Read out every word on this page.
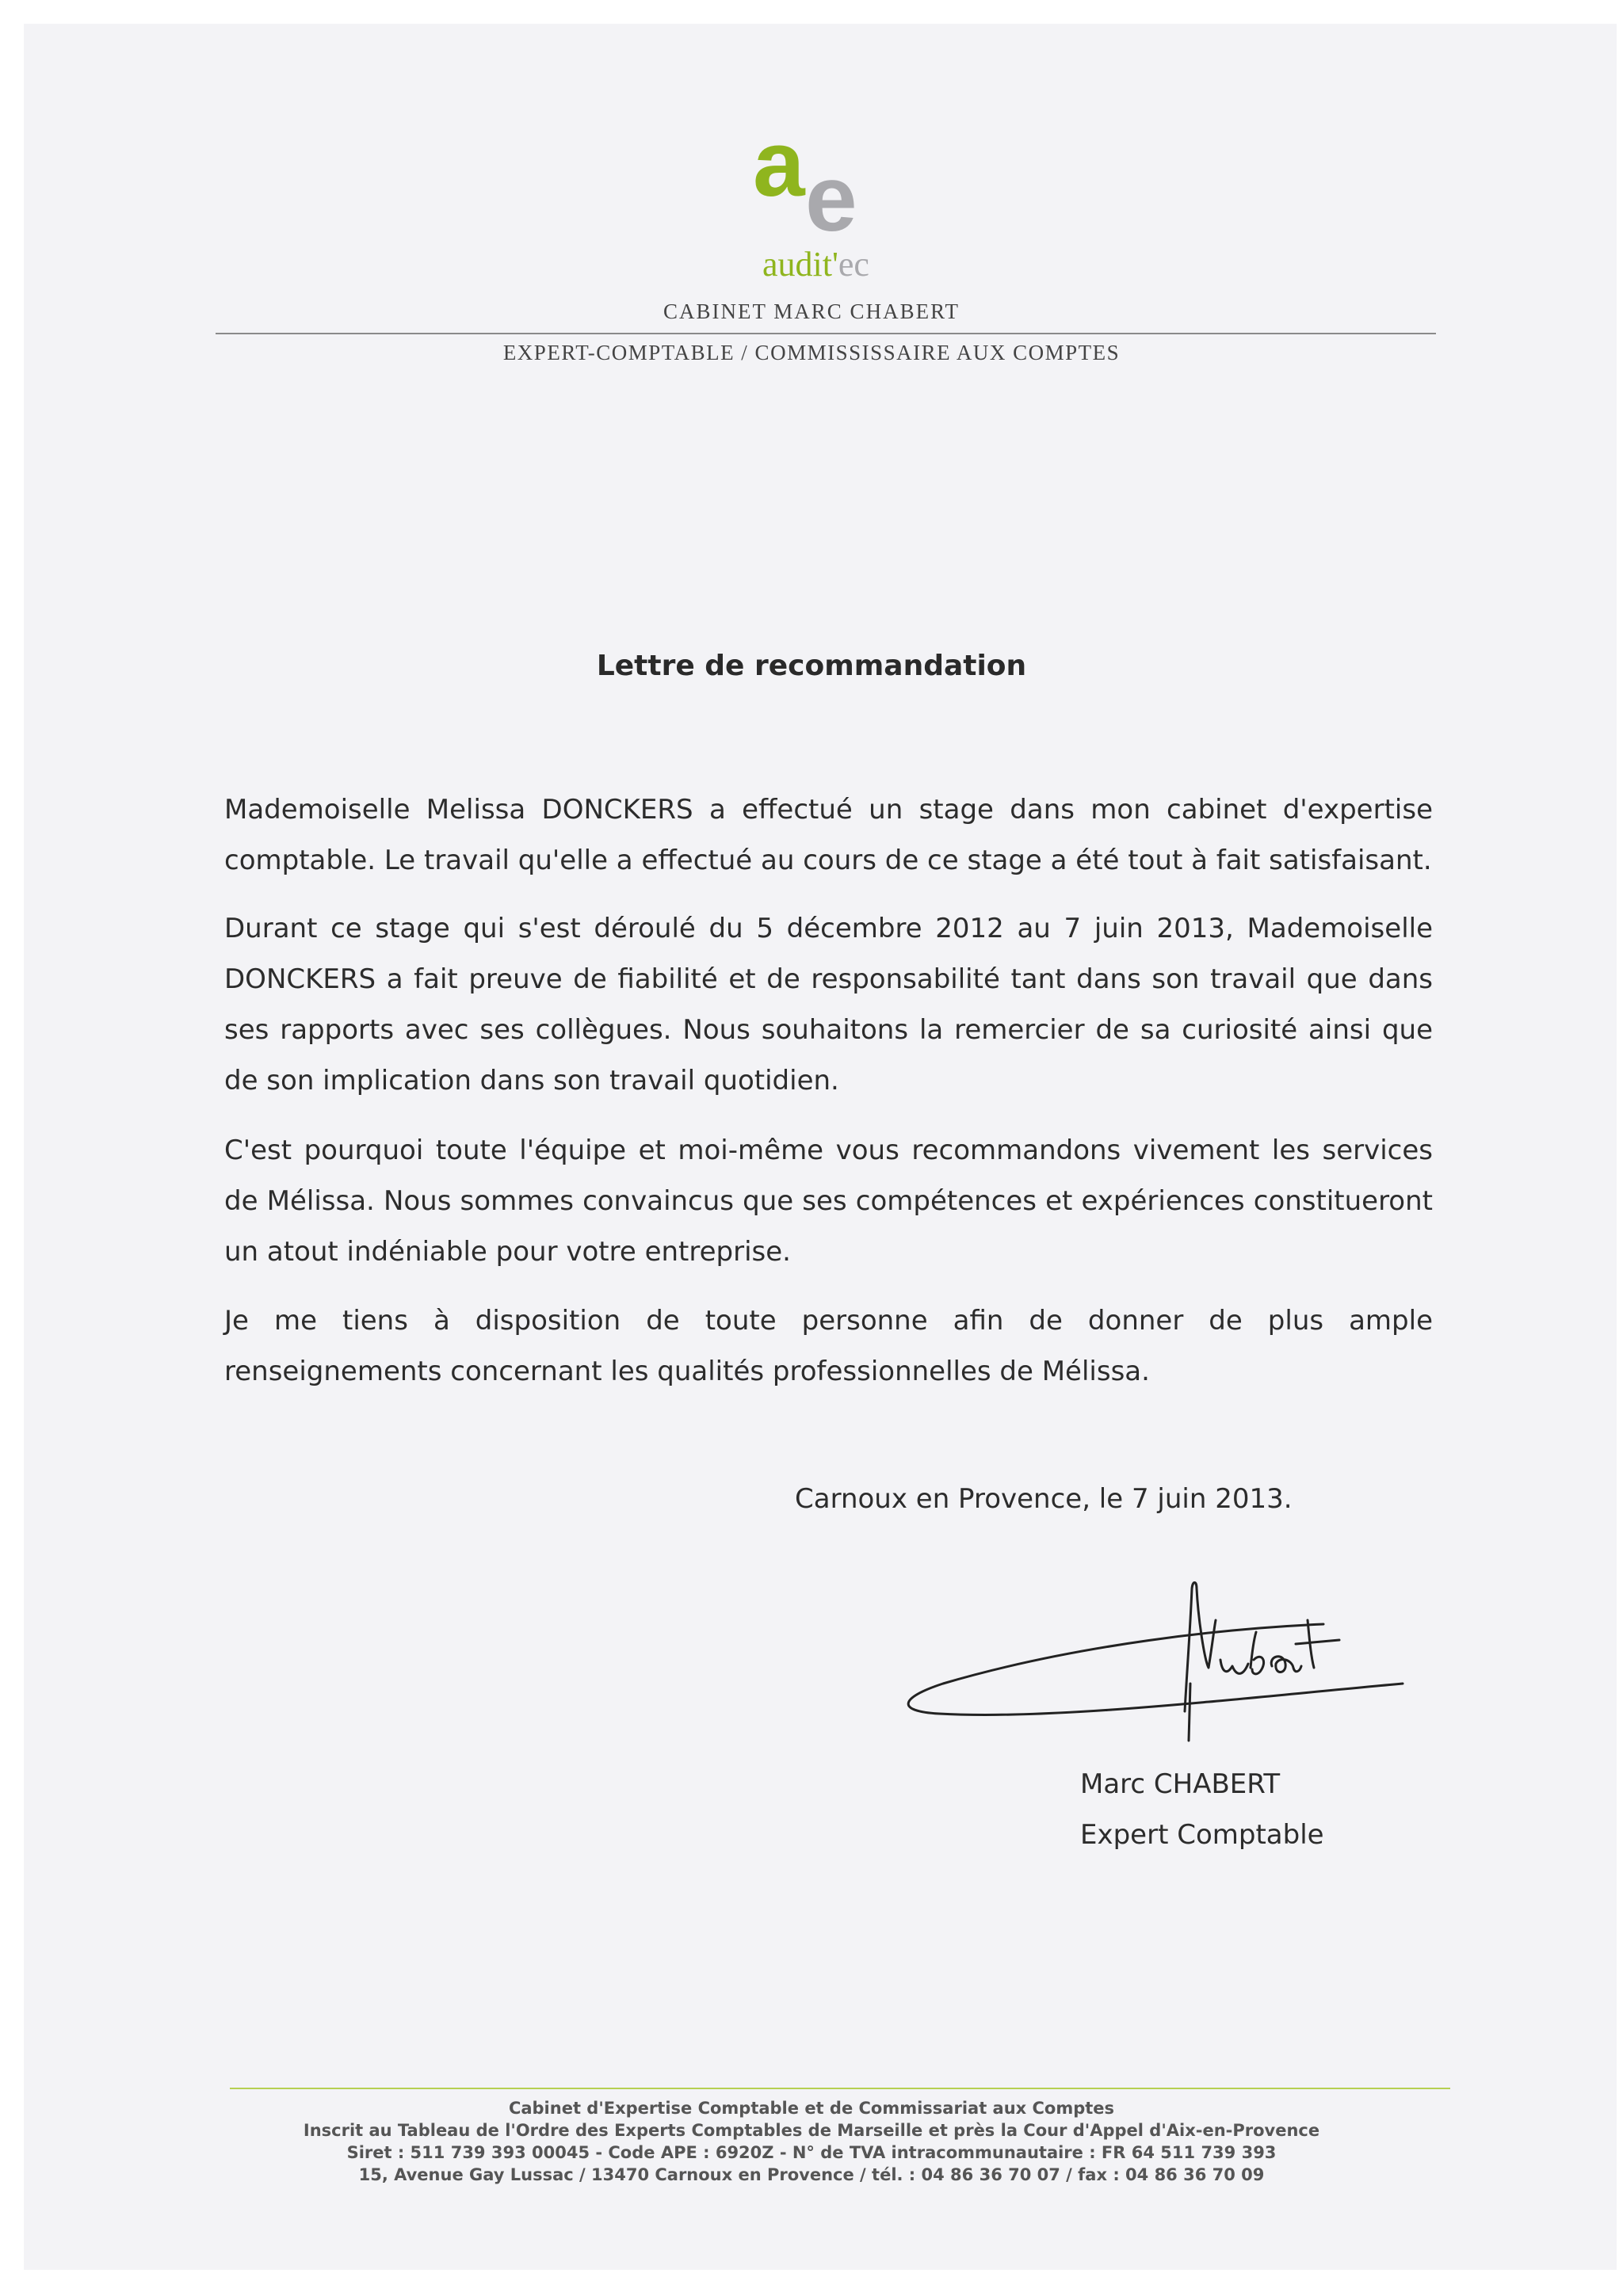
a e
audit'ec
CABINET MARC CHABERT
EXPERT-COMPTABLE / COMMISSISSAIRE AUX COMPTES
Lettre de recommandation

Mademoiselle Melissa DONCKERS a effectué un stage dans mon cabinet d'expertise comptable. Le travail qu'elle a effectué au cours de ce stage a été tout à fait satisfaisant.

Durant ce stage qui s'est déroulé du 5 décembre 2012 au 7 juin 2013, Mademoiselle DONCKERS a fait preuve de fiabilité et de responsabilité tant dans son travail que dans ses rapports avec ses collègues. Nous souhaitons la remercier de sa curiosité ainsi que de son implication dans son travail quotidien.

C'est pourquoi toute l'équipe et moi-même vous recommandons vivement les services de Mélissa. Nous sommes convaincus que ses compétences et expériences constitueront un atout indéniable pour votre entreprise.

Je me tiens à disposition de toute personne afin de donner de plus ample renseignements concernant les qualités professionnelles de Mélissa.

Carnoux en Provence, le 7 juin 2013.
Marc CHABERT
Expert Comptable
Cabinet d'Expertise Comptable et de Commissariat aux Comptes
Inscrit au Tableau de l'Ordre des Experts Comptables de Marseille et près la Cour d'Appel d'Aix-en-Provence
Siret : 511 739 393 00045 - Code APE : 6920Z - N° de TVA intracommunautaire : FR 64 511 739 393
15, Avenue Gay Lussac / 13470 Carnoux en Provence / tél. : 04 86 36 70 07 / fax : 04 86 36 70 09
